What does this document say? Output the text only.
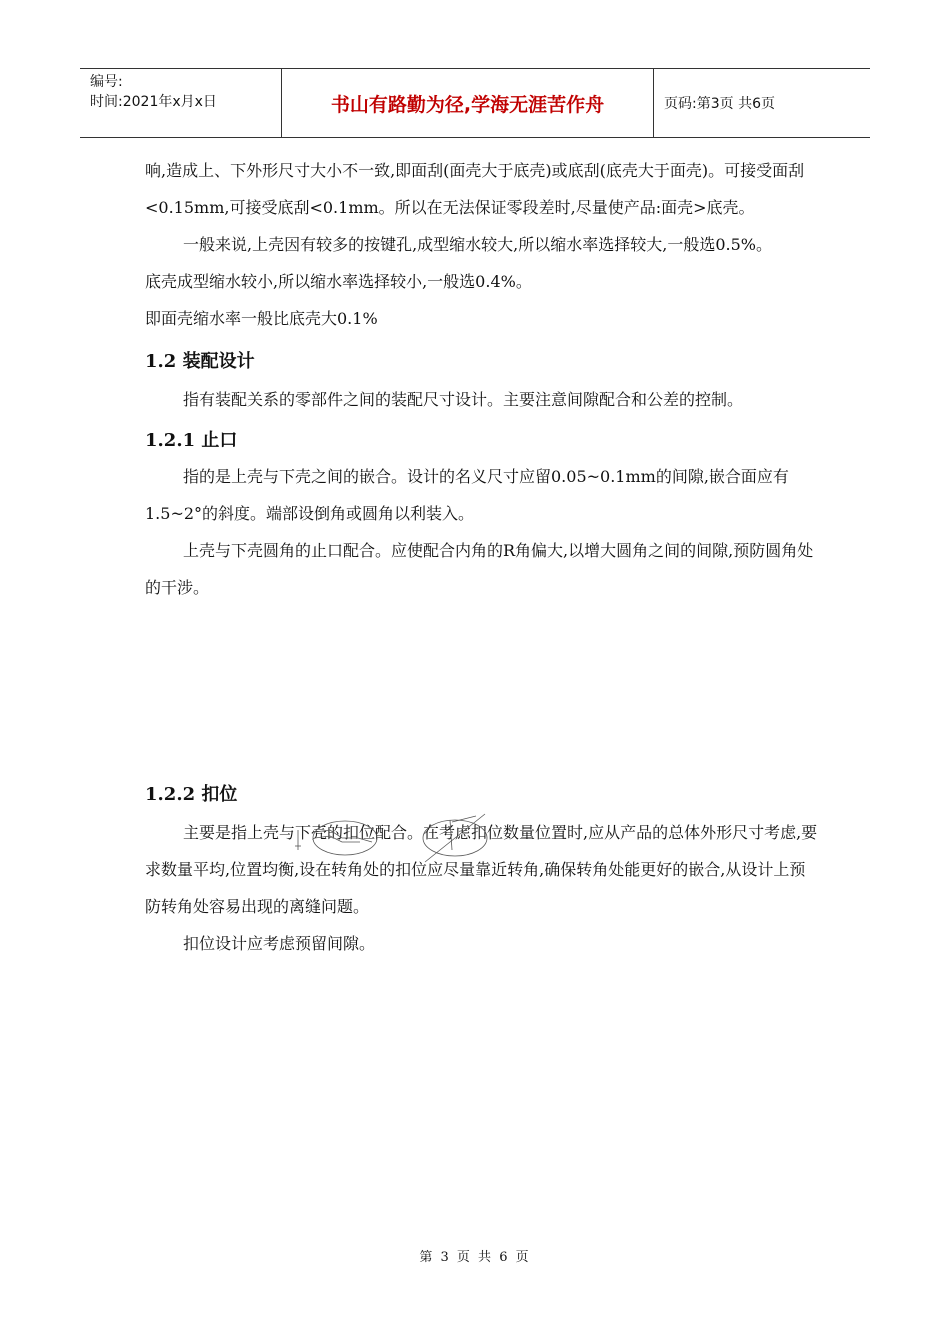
编号:
时间:2021年x月x日	书山有路勤为径,学海无涯苦作舟	页码:第3页 共6页

响,造成上、下外形尺寸大小不一致,即面刮(面壳大于底壳)或底刮(底壳大于面壳)。可接受面刮<0.15mm,可接受底刮<0.1mm。所以在无法保证零段差时,尽量使产品:面壳>底壳。

一般来说,上壳因有较多的按键孔,成型缩水较大,所以缩水率选择较大,一般选0.5%。

底壳成型缩水较小,所以缩水率选择较小,一般选0.4%。

即面壳缩水率一般比底壳大0.1%

1.2 装配设计

指有装配关系的零部件之间的装配尺寸设计。主要注意间隙配合和公差的控制。

1.2.1 止口

指的是上壳与下壳之间的嵌合。设计的名义尺寸应留0.05~0.1mm的间隙,嵌合面应有1.5~2°的斜度。端部设倒角或圆角以利装入。

上壳与下壳圆角的止口配合。应使配合内角的R角偏大,以增大圆角之间的间隙,预防圆角处的干涉。

1.2.2 扣位

主要是指上壳与下壳的扣位配合。在考虑扣位数量位置时,应从产品的总体外形尺寸考虑,要求数量平均,位置均衡,设在转角处的扣位应尽量靠近转角,确保转角处能更好的嵌合,从设计上预防转角处容易出现的离缝问题。

扣位设计应考虑预留间隙。

第 3 页 共 6 页
